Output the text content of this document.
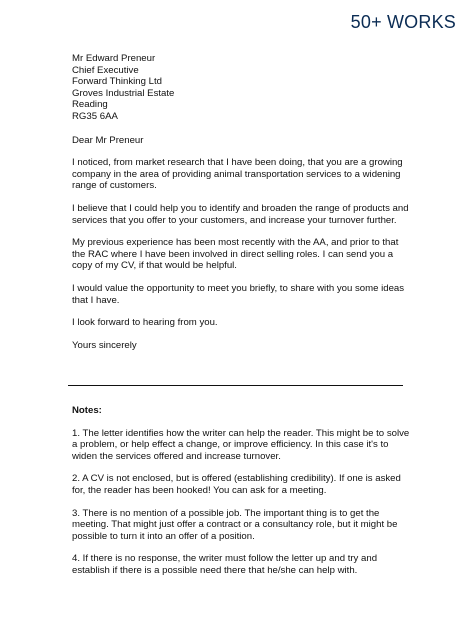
50+ WORKS
Mr Edward Preneur
Chief Executive
Forward Thinking Ltd
Groves Industrial Estate
Reading
RG35 6AA
Dear Mr Preneur

I noticed, from market research that I have been doing, that you are a growing company in the area of providing animal transportation services to a widening range of customers.

I believe that I could help you to identify and broaden the range of products and services that you offer to your customers, and increase your turnover further.

My previous experience has been most recently with the AA, and prior to that the RAC where I have been involved in direct selling roles. I can send you a copy of my CV, if that would be helpful.

I would value the opportunity to meet you briefly, to share with you some ideas that I have.

I look forward to hearing from you.

Yours sincerely
Notes:

1. The letter identifies how the writer can help the reader. This might be to solve a problem, or help effect a change, or improve efficiency. In this case it's to widen the services offered and increase turnover.

2. A CV is not enclosed, but is offered (establishing credibility). If one is asked for, the reader has been hooked! You can ask for a meeting.

3. There is no mention of a possible job. The important thing is to get the meeting. That might just offer a contract or a consultancy role, but it might be possible to turn it into an offer of a position.

4. If there is no response, the writer must follow the letter up and try and establish if there is a possible need there that he/she can help with.
